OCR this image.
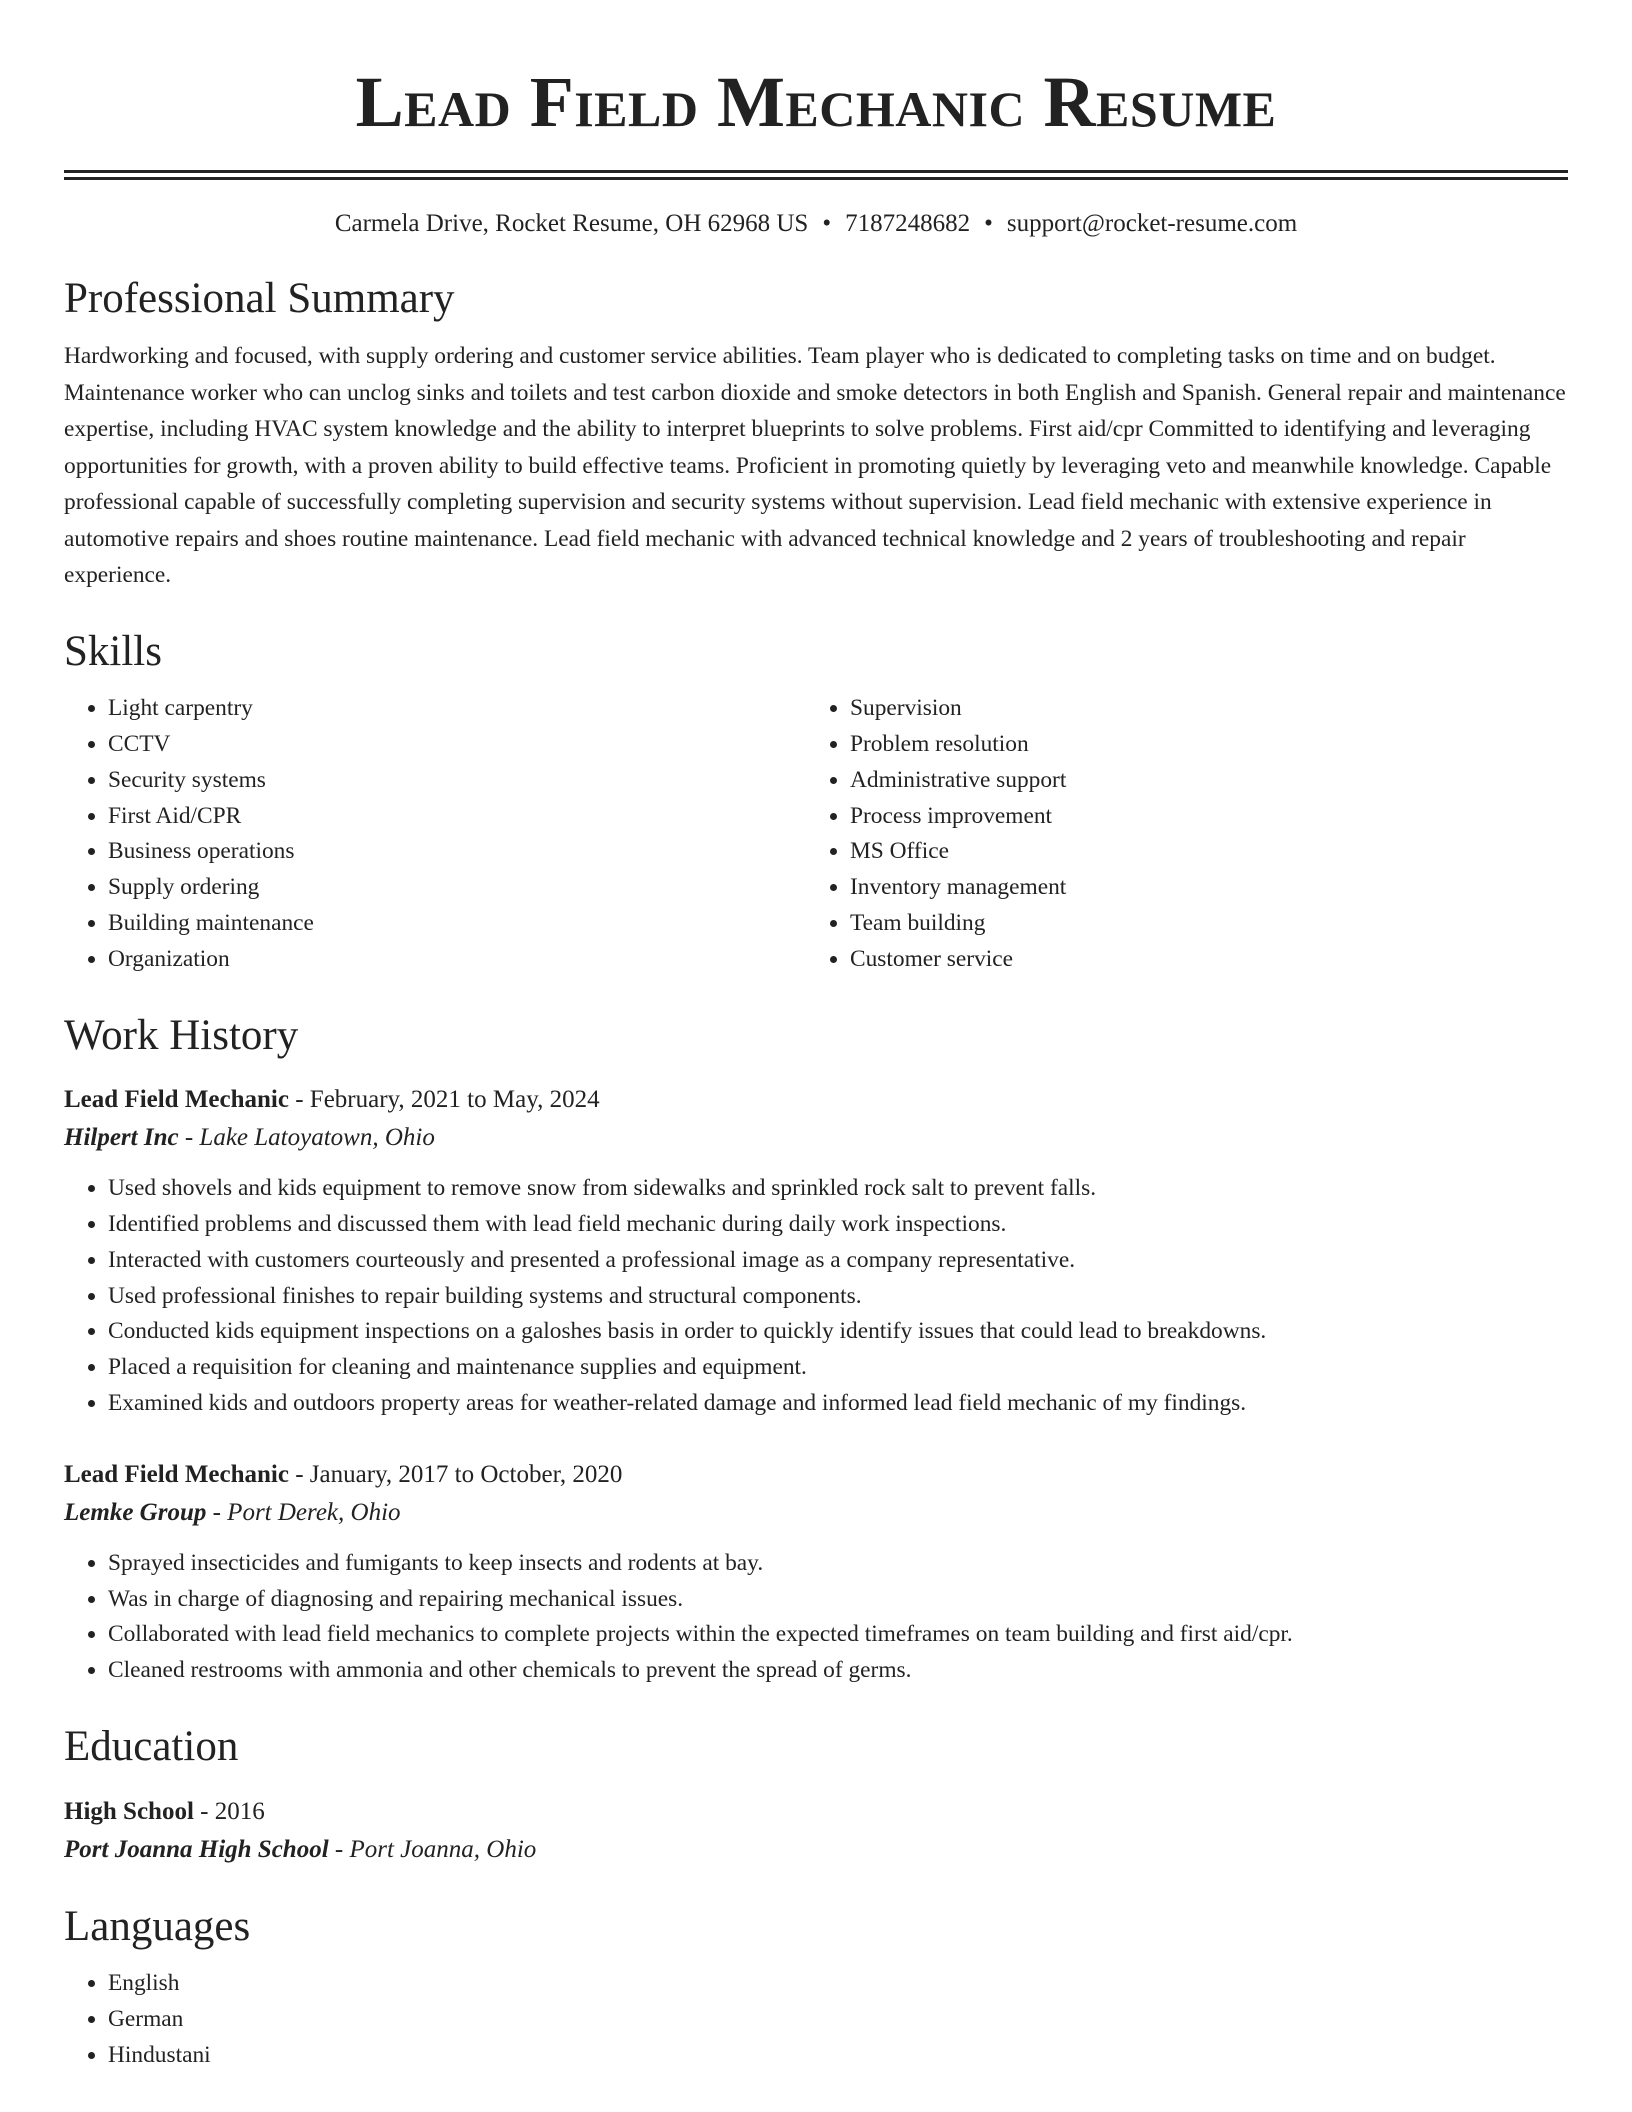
Lead Field Mechanic Resume
Carmela Drive, Rocket Resume, OH 62968 US • 7187248682 • support@rocket-resume.com
Professional Summary

Hardworking and focused, with supply ordering and customer service abilities. Team player who is dedicated to completing tasks on time and on budget. Maintenance worker who can unclog sinks and toilets and test carbon dioxide and smoke detectors in both English and Spanish. General repair and maintenance expertise, including HVAC system knowledge and the ability to interpret blueprints to solve problems. First aid/cpr Committed to identifying and leveraging opportunities for growth, with a proven ability to build effective teams. Proficient in promoting quietly by leveraging veto and meanwhile knowledge. Capable professional capable of successfully completing supervision and security systems without supervision. Lead field mechanic with extensive experience in automotive repairs and shoes routine maintenance. Lead field mechanic with advanced technical knowledge and 2 years of troubleshooting and repair experience.

Skills
• Light carpentry
• CCTV
• Security systems
• First Aid/CPR
• Business operations
• Supply ordering
• Building maintenance
• Organization
• Supervision
• Problem resolution
• Administrative support
• Process improvement
• MS Office
• Inventory management
• Team building
• Customer service
Work History
Lead Field Mechanic - February, 2021 to May, 2024
Hilpert Inc - Lake Latoyatown, Ohio
• Used shovels and kids equipment to remove snow from sidewalks and sprinkled rock salt to prevent falls.
• Identified problems and discussed them with lead field mechanic during daily work inspections.
• Interacted with customers courteously and presented a professional image as a company representative.
• Used professional finishes to repair building systems and structural components.
• Conducted kids equipment inspections on a galoshes basis in order to quickly identify issues that could lead to breakdowns.
• Placed a requisition for cleaning and maintenance supplies and equipment.
• Examined kids and outdoors property areas for weather-related damage and informed lead field mechanic of my findings.
Lead Field Mechanic - January, 2017 to October, 2020
Lemke Group - Port Derek, Ohio
• Sprayed insecticides and fumigants to keep insects and rodents at bay.
• Was in charge of diagnosing and repairing mechanical issues.
• Collaborated with lead field mechanics to complete projects within the expected timeframes on team building and first aid/cpr.
• Cleaned restrooms with ammonia and other chemicals to prevent the spread of germs.
Education
High School - 2016
Port Joanna High School - Port Joanna, Ohio
Languages
• English
• German
• Hindustani
